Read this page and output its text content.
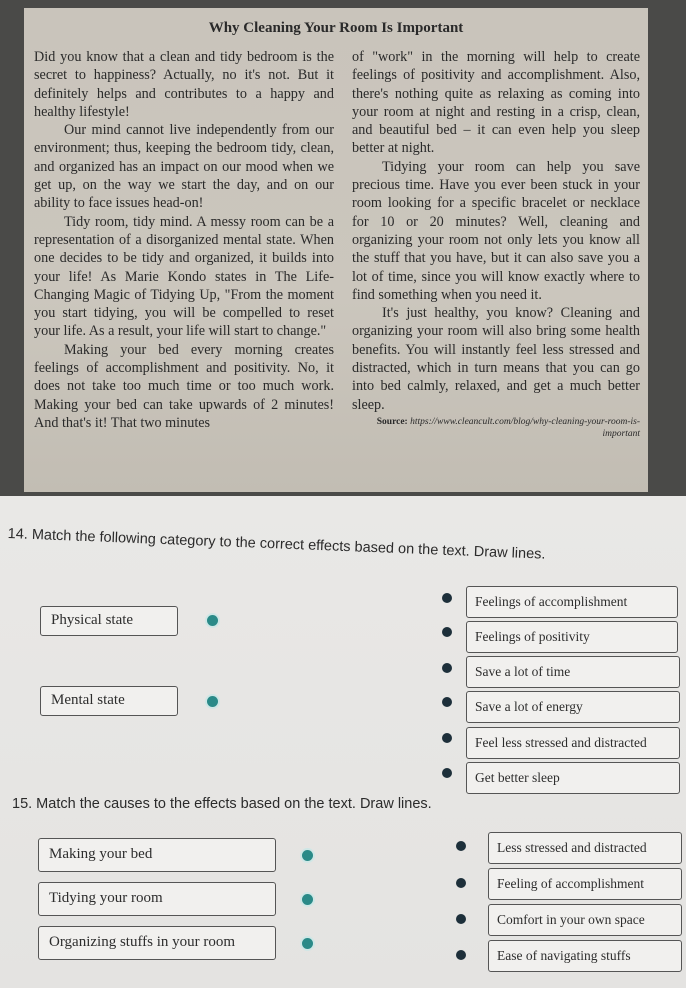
Why Cleaning Your Room Is Important

Did you know that a clean and tidy bedroom is the secret to happiness? Actually, no it's not. But it definitely helps and contributes to a happy and healthy lifestyle!

Our mind cannot live independently from our environment; thus, keeping the bedroom tidy, clean, and organized has an impact on our mood when we get up, on the way we start the day, and on our ability to face issues head-on!

Tidy room, tidy mind. A messy room can be a representation of a disorganized mental state. When one decides to be tidy and organized, it builds into your life! As Marie Kondo states in The Life-Changing Magic of Tidying Up, "From the moment you start tidying, you will be compelled to reset your life. As a result, your life will start to change."

Making your bed every morning creates feelings of accomplishment and positivity. No, it does not take too much time or too much work. Making your bed can take upwards of 2 minutes! And that's it! That two minutes

of "work" in the morning will help to create feelings of positivity and accomplishment. Also, there's nothing quite as relaxing as coming into your room at night and resting in a crisp, clean, and beautiful bed – it can even help you sleep better at night.

Tidying your room can help you save precious time. Have you ever been stuck in your room looking for a specific bracelet or necklace for 10 or 20 minutes? Well, cleaning and organizing your room not only lets you know all the stuff that you have, but it can also save you a lot of time, since you will know exactly where to find something when you need it.

It's just healthy, you know? Cleaning and organizing your room will also bring some health benefits. You will instantly feel less stressed and distracted, which in turn means that you can go into bed calmly, relaxed, and get a much better sleep.

Source: https://www.cleancult.com/blog/why-cleaning-your-room-is-important
14. Match the following category to the correct effects based on the text. Draw lines.
Physical state
Mental state
Feelings of accomplishment
Feelings of positivity
Save a lot of time
Save a lot of energy
Feel less stressed and distracted
Get better sleep
15. Match the causes to the effects based on the text. Draw lines.
Making your bed
Tidying your room
Organizing stuffs in your room
Less stressed and distracted
Feeling of accomplishment
Comfort in your own space
Ease of navigating stuffs
